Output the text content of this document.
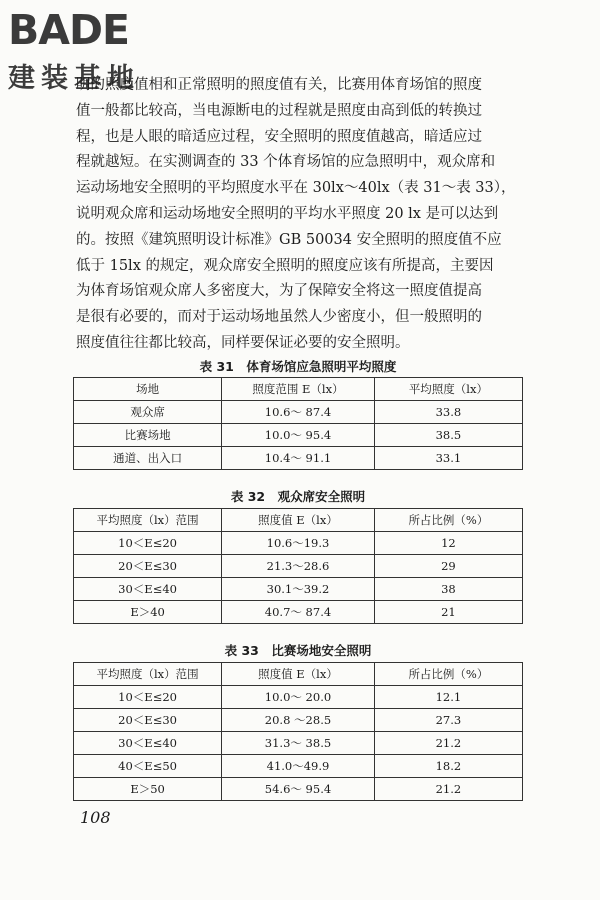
BADE
建装基地
明的照度值相和正常照明的照度值有关，比赛用体育场馆的照度
值一般都比较高，当电源断电的过程就是照度由高到低的转换过
程，也是人眼的暗适应过程，安全照明的照度值越高，暗适应过
程就越短。在实测调查的 33 个体育场馆的应急照明中，观众席和
运动场地安全照明的平均照度水平在 30lx～40lx（表 31～表 33），
说明观众席和运动场地安全照明的平均水平照度 20 lx 是可以达到
的。按照《建筑照明设计标准》GB 50034 安全照明的照度值不应
低于 15lx 的规定，观众席安全照明的照度应该有所提高，主要因
为体育场馆观众席人多密度大，为了保障安全将这一照度值提高
是很有必要的，而对于运动场地虽然人少密度小，但一般照明的
照度值往往都比较高，同样要保证必要的安全照明。
表 31　体育场馆应急照明平均照度
场地	照度范围 E（lx）	平均照度（lx）
观众席	10.6～ 87.4	33.8
比赛场地	10.0～ 95.4	38.5
通道、出入口	10.4～ 91.1	33.1
表 32　观众席安全照明
平均照度（lx）范围	照度值 E（lx）	所占比例（%）
10＜E≤20	10.6～19.3	12
20＜E≤30	21.3～28.6	29
30＜E≤40	30.1～39.2	38
E＞40	40.7～ 87.4	21
表 33　比赛场地安全照明
平均照度（lx）范围	照度值 E（lx）	所占比例（%）
10＜E≤20	10.0～ 20.0	12.1
20＜E≤30	20.8 ～28.5	27.3
30＜E≤40	31.3～ 38.5	21.2
40＜E≤50	41.0～49.9	18.2
E＞50	54.6～ 95.4	21.2
108
